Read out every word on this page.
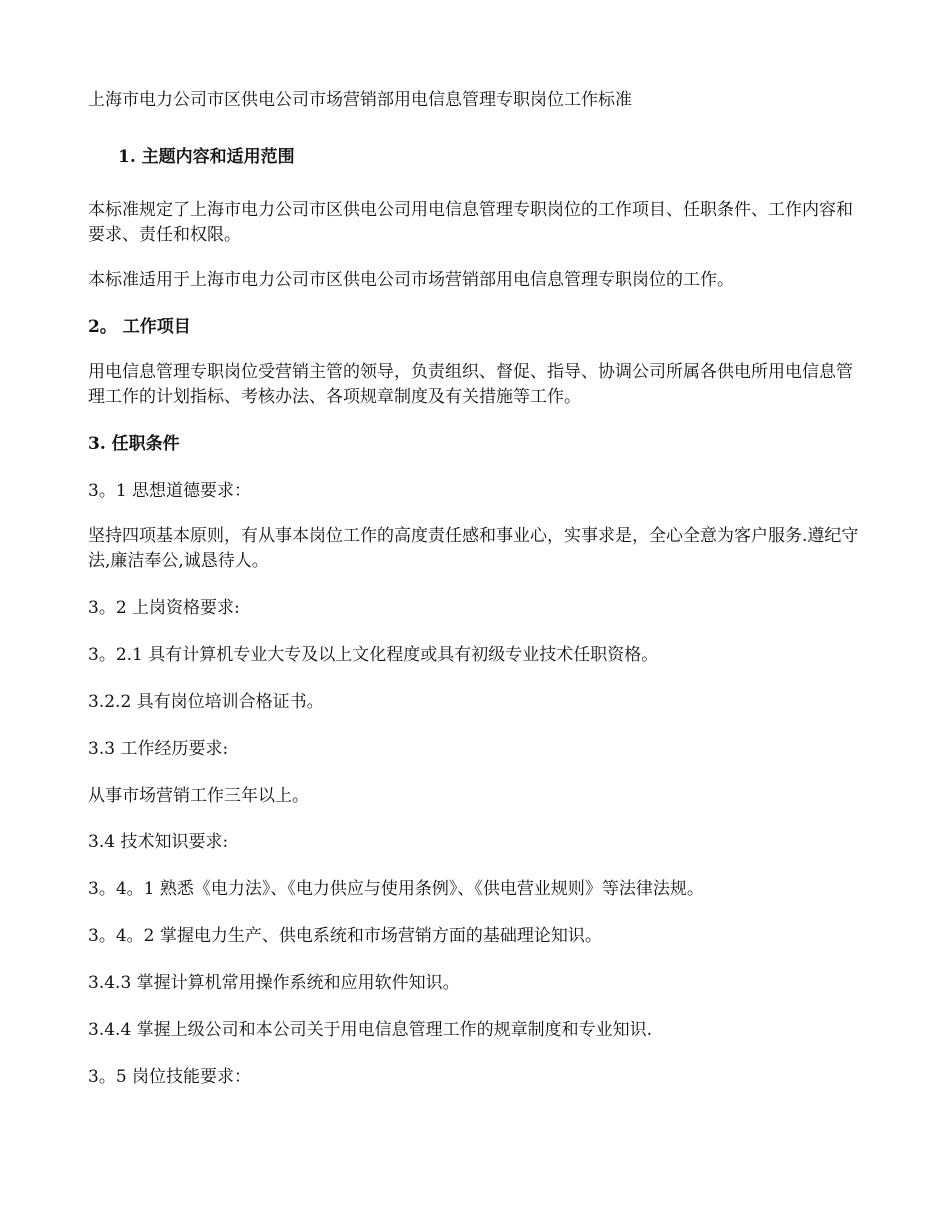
上海市电力公司市区供电公司市场营销部用电信息管理专职岗位工作标准
1. 主题内容和适用范围
本标准规定了上海市电力公司市区供电公司用电信息管理专职岗位的工作项目、任职条件、工作内容和要求、责任和权限。
本标准适用于上海市电力公司市区供电公司市场营销部用电信息管理专职岗位的工作。
2。 工作项目
用电信息管理专职岗位受营销主管的领导，负责组织、督促、指导、协调公司所属各供电所用电信息管理工作的计划指标、考核办法、各项规章制度及有关措施等工作。
3. 任职条件
3。1 思想道德要求：
坚持四项基本原则，有从事本岗位工作的高度责任感和事业心，实事求是，全心全意为客户服务.遵纪守法,廉洁奉公,诚恳待人。
3。2 上岗资格要求:
3。2.1 具有计算机专业大专及以上文化程度或具有初级专业技术任职资格。
3.2.2 具有岗位培训合格证书。
3.3 工作经历要求:
从事市场营销工作三年以上。
3.4 技术知识要求:
3。4。1 熟悉《电力法》、《电力供应与使用条例》、《供电营业规则》等法律法规。
3。4。2 掌握电力生产、供电系统和市场营销方面的基础理论知识。
3.4.3 掌握计算机常用操作系统和应用软件知识。
3.4.4 掌握上级公司和本公司关于用电信息管理工作的规章制度和专业知识.
3。5 岗位技能要求：
